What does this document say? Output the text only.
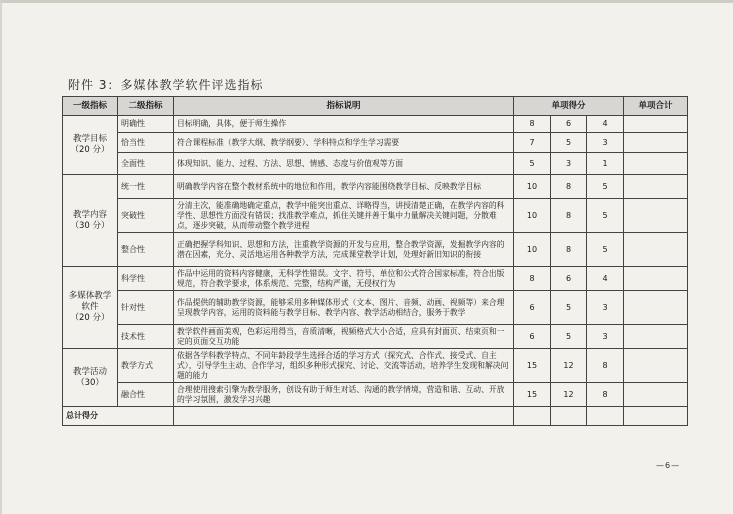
附件 3：多媒体教学软件评选指标
一级指标	二级指标	指标说明	单项得分			单项合计

教学目标
（20 分）	明确性	目标明确，具体，便于师生操作	8	6	4	
	恰当性	符合课程标准（教学大纲、教学纲要）、学科特点和学生学习需要	7	5	3	
	全面性	体现知识、能力、过程、方法、思想、情感、态度与价值观等方面	5	3	1	

教学内容
（30 分）	统一性	明确教学内容在整个教材系统中的地位和作用，教学内容能围绕教学目标、反映教学目标	10	8	5	
	突破性	分清主次，能准确地确定重点，教学中能突出重点、详略得当，讲授清楚正确，在教学内容的科学性、思想性方面没有错误；找准教学难点，抓住关键并善于集中力量解决关键问题，分散难点，逐步突破，从而带动整个教学进程	10	8	5	
	整合性	正确把握学科知识、思想和方法，注重教学资源的开发与应用，整合教学资源，发掘教学内容的潜在因素，充分、灵活地运用各种教学方法，完成课堂教学计划，处理好新旧知识的衔接	10	8	5	

多媒体教学软件
（20 分）	科学性	作品中运用的资料内容健康，无科学性错误。文字、符号、单位和公式符合国家标准，符合出版规范，符合教学要求，体系规范、完整，结构严谨，无侵权行为	8	6	4	
	针对性	作品提供的辅助教学资源，能够采用多种媒体形式（文本、图片、音频、动画、视频等）来合理呈现教学内容，运用的资料能与教学目标、教学内容、教学活动相结合，服务于教学	6	5	3	
	技术性	教学软件画面美观，色彩运用得当，音质清晰，视频格式大小合适，应具有封面页、结束页和一定的页面交互功能	6	5	3	

教学活动
（30）	教学方式	依据各学科教学特点、不同年龄段学生选择合适的学习方式（探究式、合作式、接受式、自主式），引导学生主动、合作学习，组织多种形式探究、讨论、交流等活动，培养学生发现和解决问题的能力	15	12	8	
	融合性	合理使用搜索引擎为教学服务，创设有助于师生对话、沟通的教学情境，营造和谐、互动、开放的学习氛围，激发学习兴趣	15	12	8	
总计得分						
—6—
